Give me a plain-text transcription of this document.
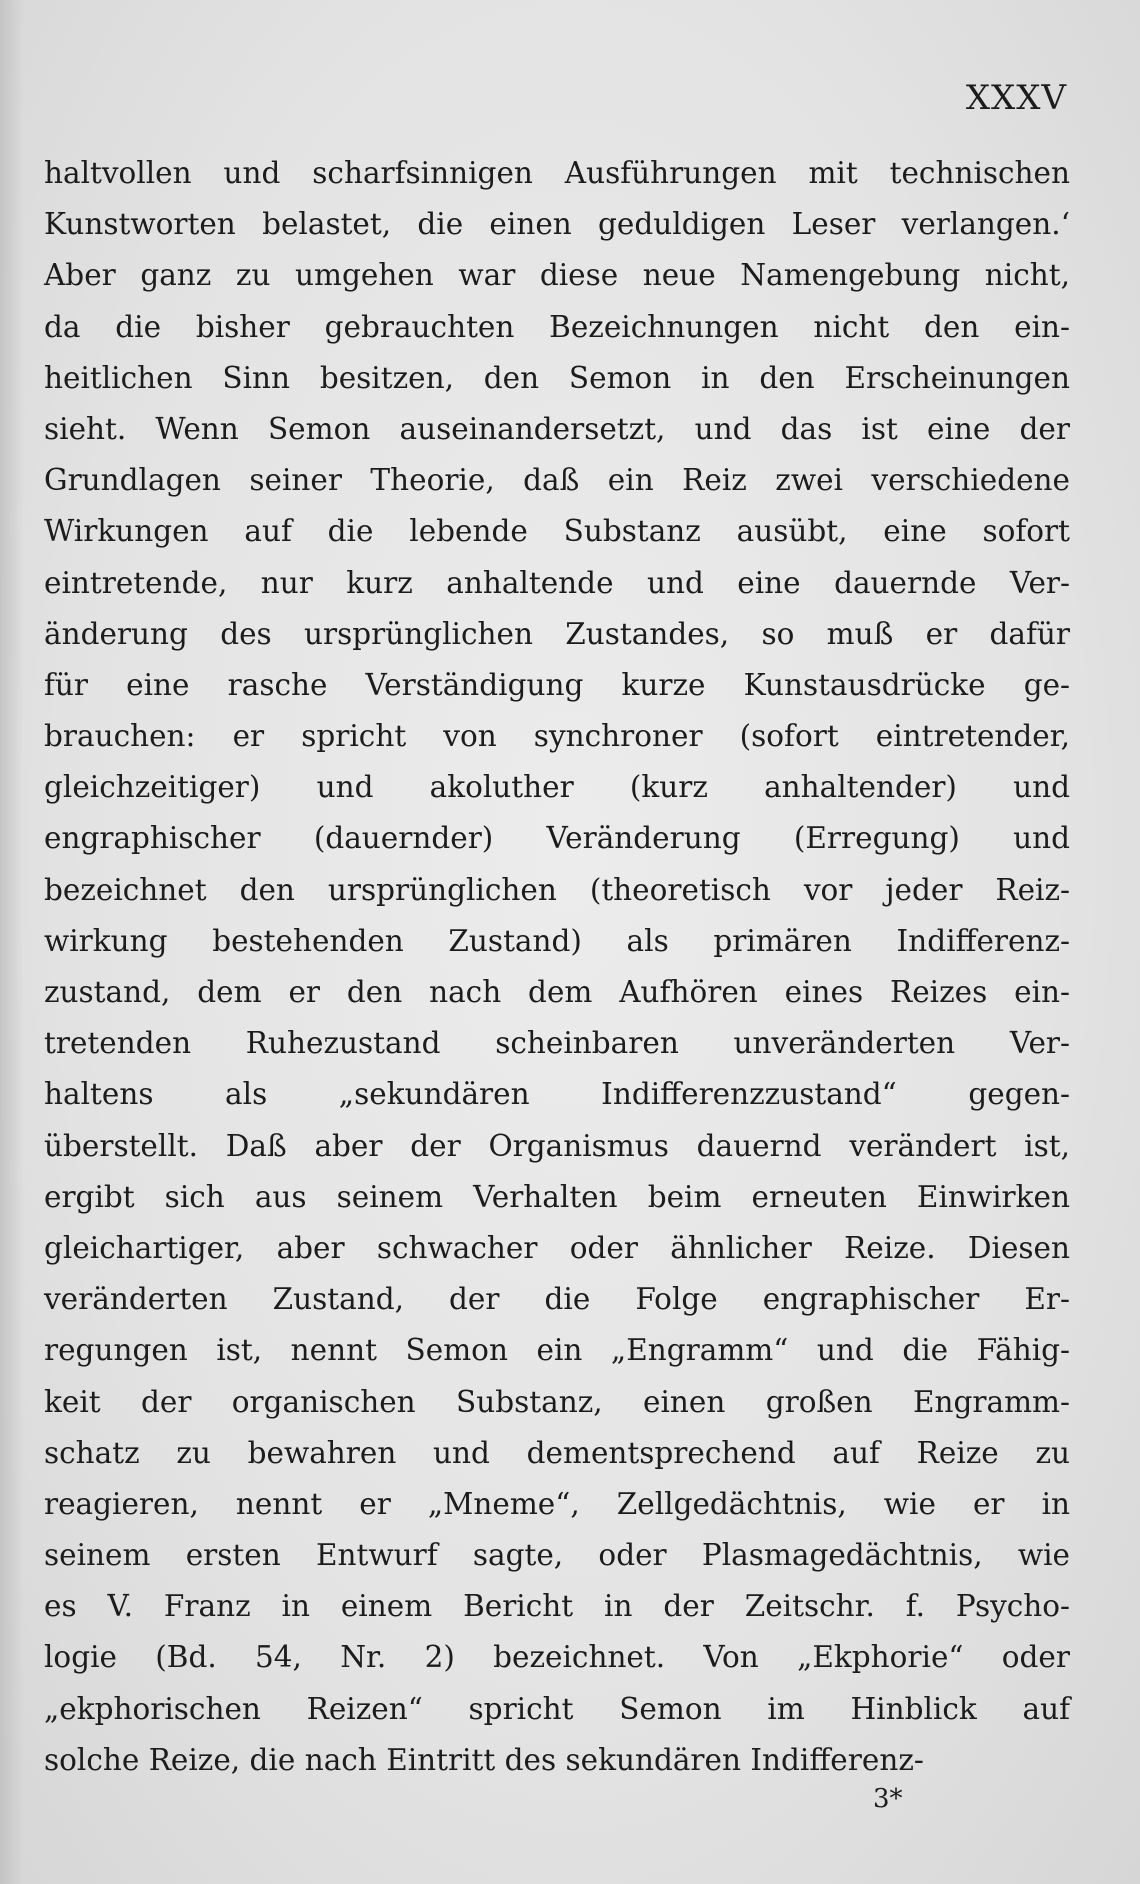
XXXV
haltvollen und scharfsinnigen Ausführungen mit technischen
Kunstworten belastet, die einen geduldigen Leser verlangen.‘
Aber ganz zu umgehen war diese neue Namengebung nicht,
da die bisher gebrauchten Bezeichnungen nicht den ein-
heitlichen Sinn besitzen, den Semon in den Erscheinungen
sieht. Wenn Semon auseinandersetzt, und das ist eine der
Grundlagen seiner Theorie, daß ein Reiz zwei verschiedene
Wirkungen auf die lebende Substanz ausübt, eine sofort
eintretende, nur kurz anhaltende und eine dauernde Ver-
änderung des ursprünglichen Zustandes, so muß er dafür
für eine rasche Verständigung kurze Kunstausdrücke ge-
brauchen: er spricht von synchroner (sofort eintretender,
gleichzeitiger) und akoluther (kurz anhaltender) und
engraphischer (dauernder) Veränderung (Erregung) und
bezeichnet den ursprünglichen (theoretisch vor jeder Reiz-
wirkung bestehenden Zustand) als primären Indifferenz-
zustand, dem er den nach dem Aufhören eines Reizes ein-
tretenden Ruhezustand scheinbaren unveränderten Ver-
haltens als „sekundären Indifferenzzustand“ gegen-
überstellt. Daß aber der Organismus dauernd verändert ist,
ergibt sich aus seinem Verhalten beim erneuten Einwirken
gleichartiger, aber schwacher oder ähnlicher Reize. Diesen
veränderten Zustand, der die Folge engraphischer Er-
regungen ist, nennt Semon ein „Engramm“ und die Fähig-
keit der organischen Substanz, einen großen Engramm-
schatz zu bewahren und dementsprechend auf Reize zu
reagieren, nennt er „Mneme“, Zellgedächtnis, wie er in
seinem ersten Entwurf sagte, oder Plasmagedächtnis, wie
es V. Franz in einem Bericht in der Zeitschr. f. Psycho-
logie (Bd. 54, Nr. 2) bezeichnet. Von „Ekphorie“ oder
„ekphorischen Reizen“ spricht Semon im Hinblick auf
solche Reize, die nach Eintritt des sekundären Indifferenz-
3*
